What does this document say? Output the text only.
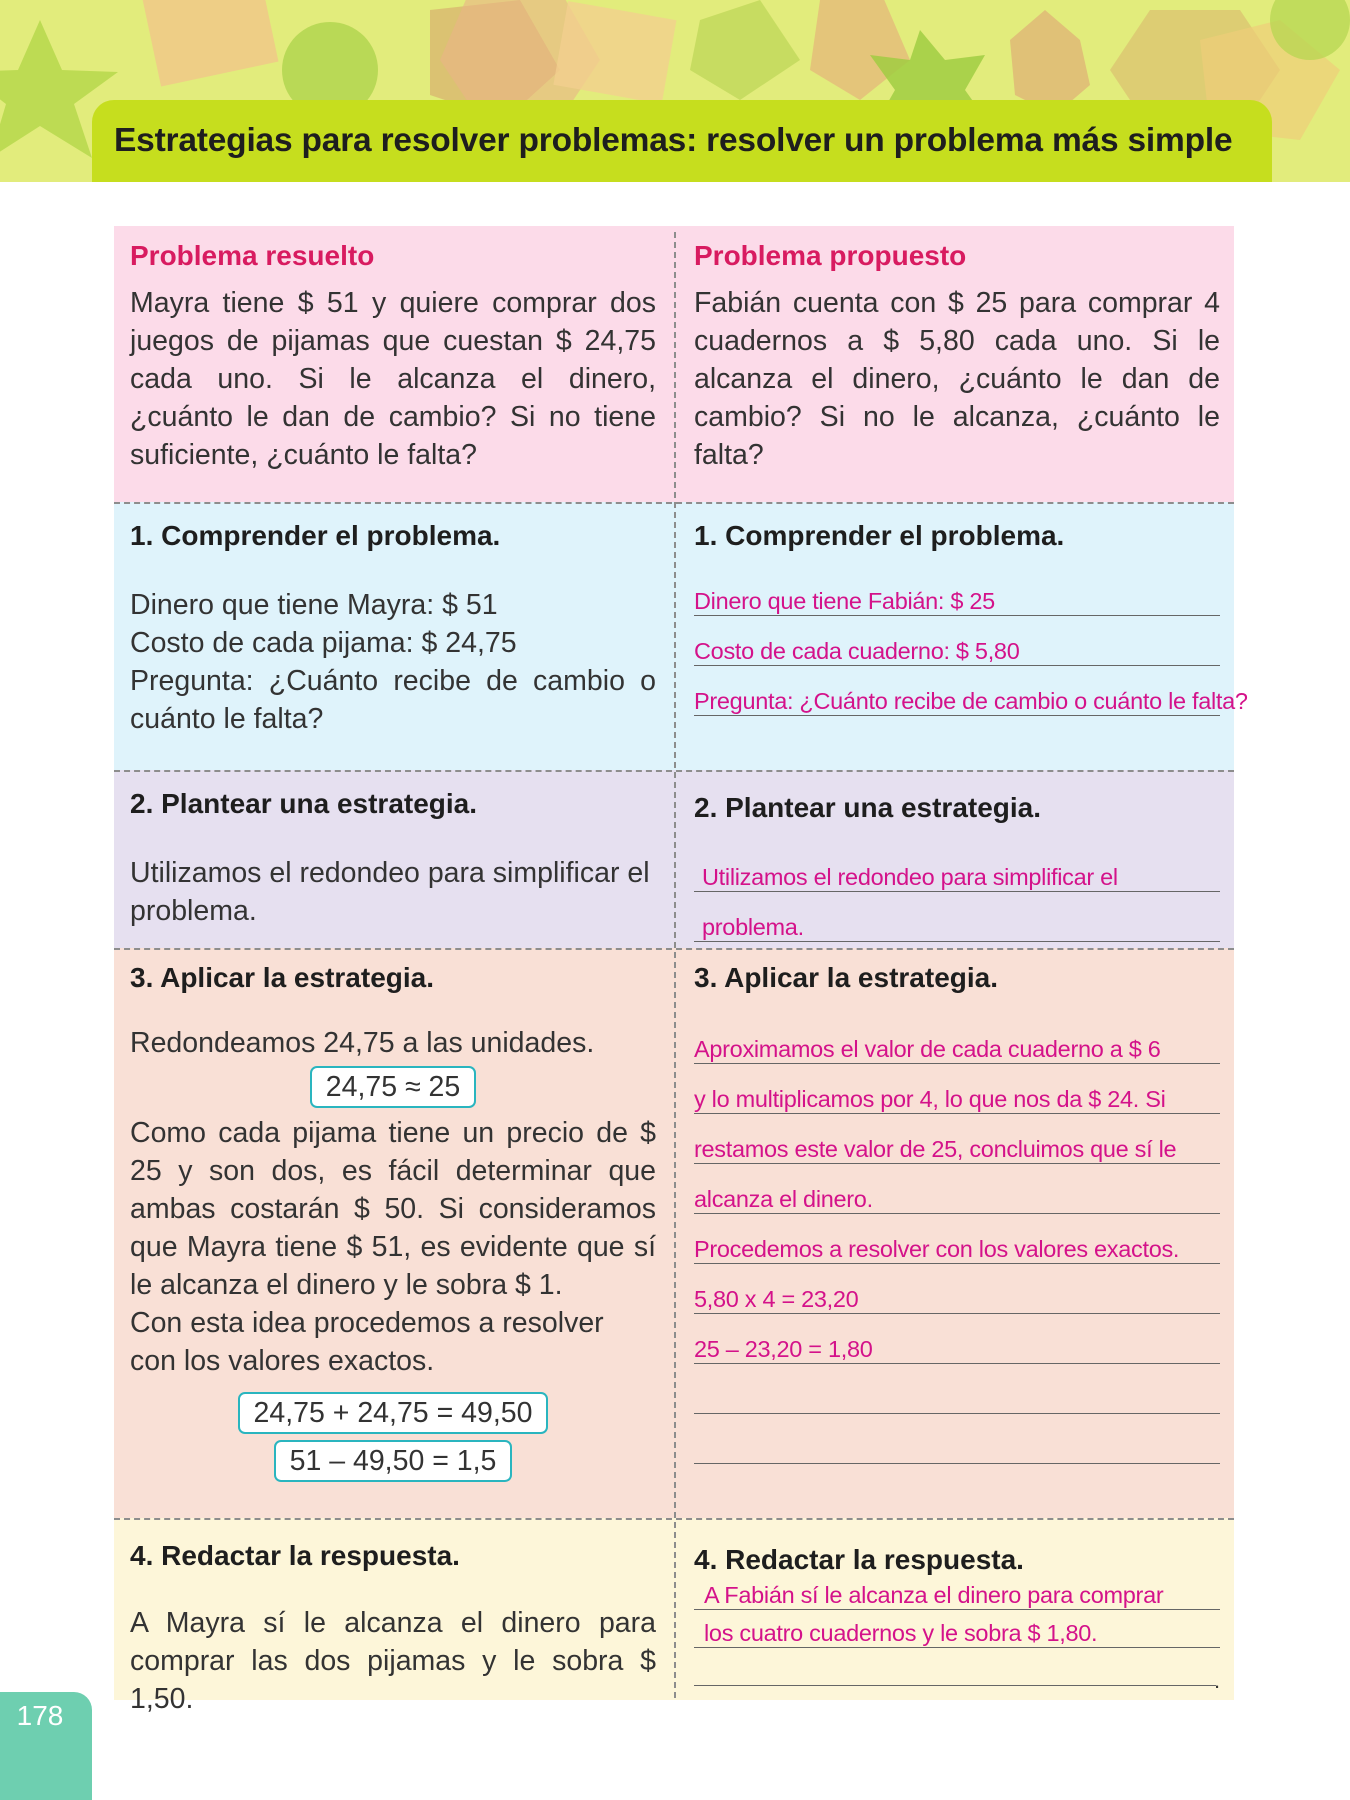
Estrategias para resolver problemas: resolver un problema más simple
Problema resuelto
Mayra tiene $ 51 y quiere comprar dos juegos de pijamas que cuestan $ 24,75 cada uno. Si le alcanza el dinero, ¿cuánto le dan de cambio? Si no tiene suficiente, ¿cuánto le falta?
1. Comprender el problema.

Dinero que tiene Mayra: $ 51

Costo de cada pijama: $ 24,75

Pregunta: ¿Cuánto recibe de cambio o cuánto le falta?

2. Plantear una estrategia.
Utilizamos el redondeo para simplificar el problema.
3. Aplicar la estrategia.
Redondeamos 24,75 a las unidades.
24,75 ≈ 25
Como cada pijama tiene un precio de $ 25 y son dos, es fácil determinar que ambas costarán $ 50. Si consideramos que Mayra tiene $ 51, es evidente que sí le alcanza el dinero y le sobra $ 1.
Con esta idea procedemos a resolver con los valores exactos.
24,75 + 24,75 = 49,50
51 – 49,50 = 1,5
4. Redactar la respuesta.
A Mayra sí le alcanza el dinero para comprar las dos pijamas y le sobra $ 1,50.
Problema propuesto
Fabián cuenta con $ 25 para comprar 4 cuadernos a $ 5,80 cada uno. Si le alcanza el dinero, ¿cuánto le dan de cambio? Si no le alcanza, ¿cuánto le falta?
1. Comprender el problema.
Dinero que tiene Fabián: $ 25
Costo de cada cuaderno: $ 5,80
Pregunta: ¿Cuánto recibe de cambio o cuánto le falta?
2. Plantear una estrategia.
Utilizamos el redondeo para simplificar el
problema.
3. Aplicar la estrategia.
Aproximamos el valor de cada cuaderno a $ 6
y lo multiplicamos por 4, lo que nos da $ 24. Si
restamos este valor de 25, concluimos que sí le
alcanza el dinero.
Procedemos a resolver con los valores exactos.
5,80 x 4 = 23,20
25 – 23,20 = 1,80
4. Redactar la respuesta.
A Fabián sí le alcanza el dinero para comprar
los cuatro cuadernos y le sobra $ 1,80.
.
178
